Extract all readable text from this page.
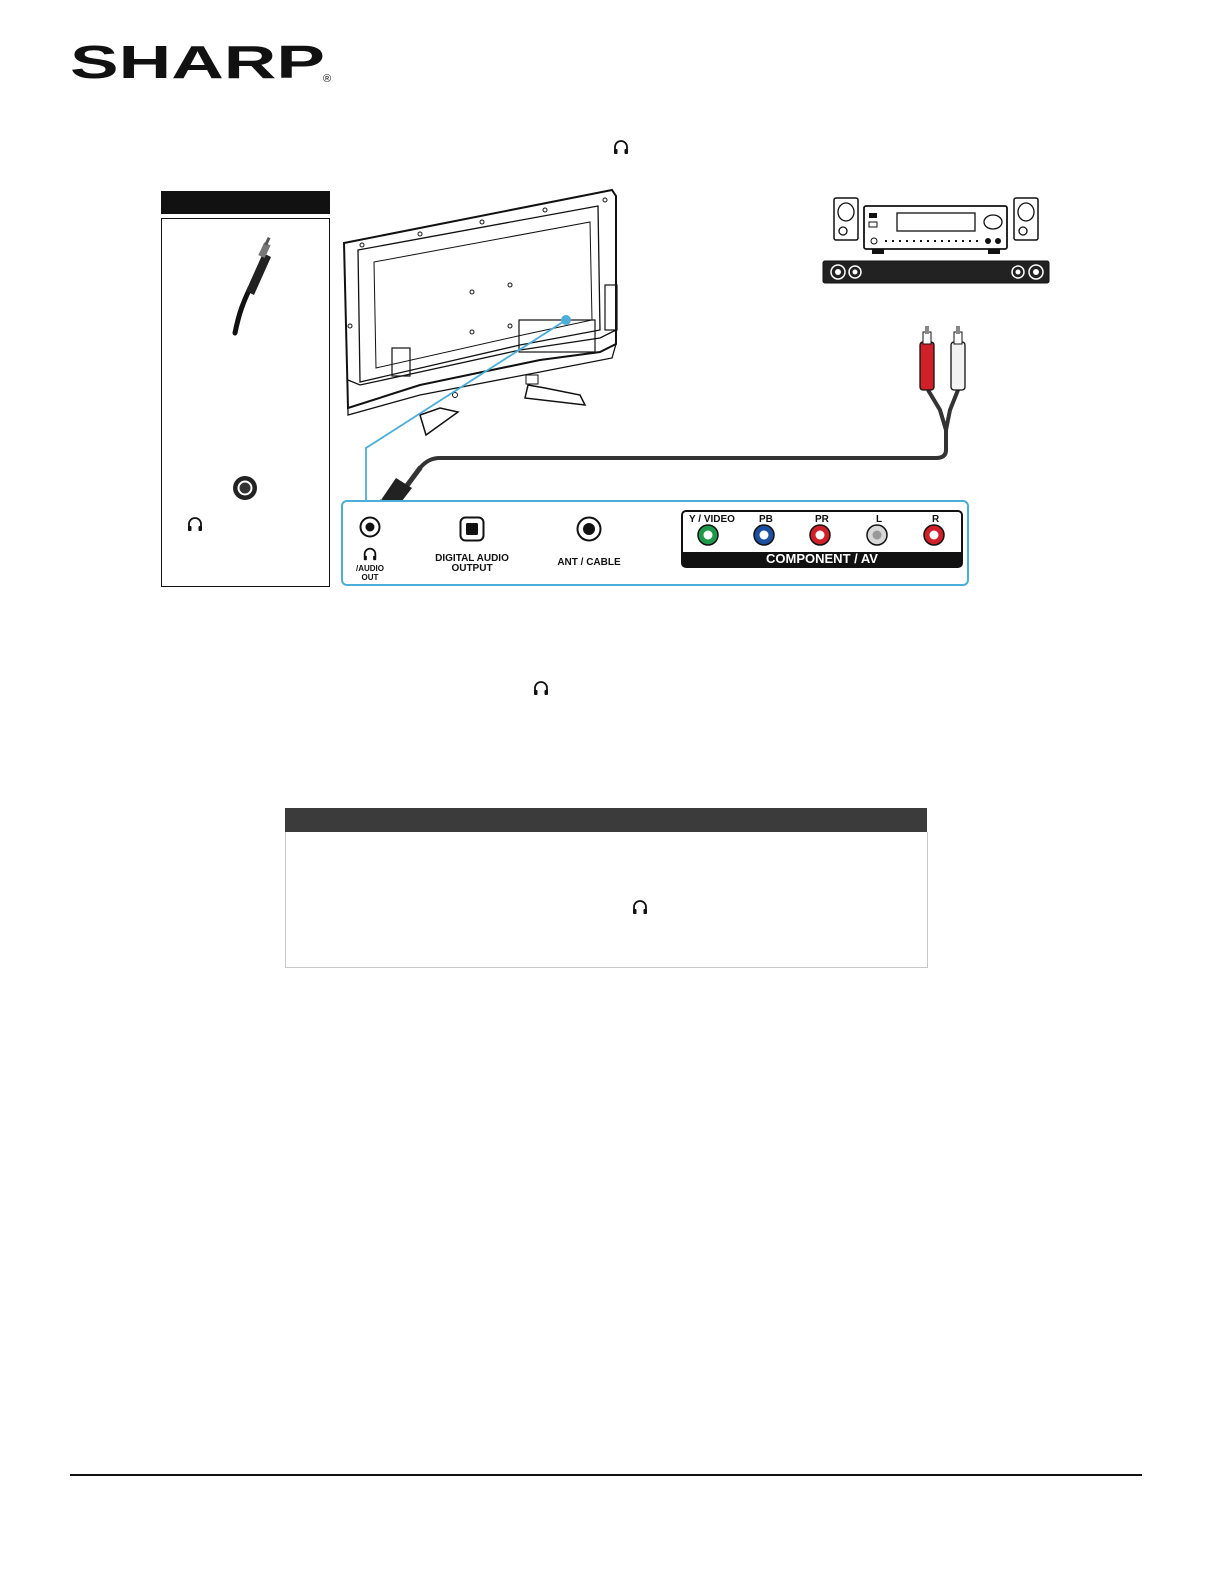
SHARP
®
/AUDIO
OUT
DIGITAL AUDIO
OUTPUT
ANT / CABLE
Y / VIDEO PB	PR	L	R
COMPONENT / AV
